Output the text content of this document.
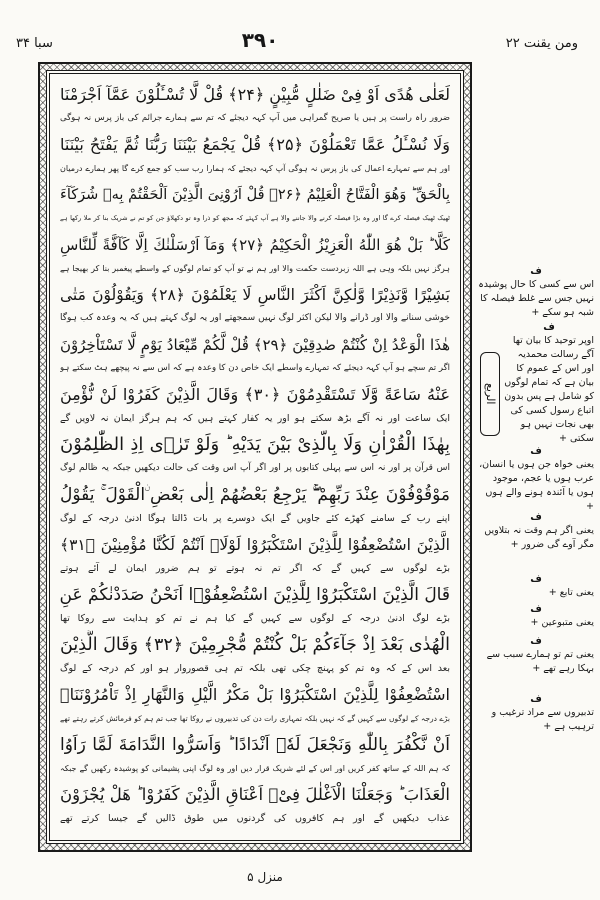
سبا ۳۴	۳۹۰	ومن یقنت ۲۲
لَعَلٰی هُدًی اَوْ فِیْ ضَلٰلٍ مُّبِیْنٍ ﴿۲۴﴾ قُلْ لَّا تُسْـَٔلُوْنَ عَمَّآ اَجْرَمْنَا
ضرور راہ راست پر ہیں یا صریح گمراہی میں آپ کہہ دیجئے کہ تم سے ہمارے جرائم کی باز پرس نہ ہوگی
وَلَا نُسْـَٔلُ عَمَّا تَعْمَلُوْنَ ﴿۲۵﴾ قُلْ یَجْمَعُ بَیْنَنَا رَبُّنَا ثُمَّ یَفْتَحُ بَیْنَنَا
اور ہم سے تمہارے اعمال کی باز پرس نہ ہوگی آپ کہہ دیجئے کہ ہمارا رب سب کو جمع کرے گا پھر ہمارے درمیان
بِالْحَقِّ ؕ وَهُوَ الْفَتَّاحُ الْعَلِیْمُ ﴿۲۶﴾ قُلْ اَرُوْنِیَ الَّذِیْنَ اَلْحَقْتُمْ بِهٖ شُرَكَآءَ
ٹھیک ٹھیک فیصلہ کرے گا اور وہ بڑا فیصلہ کرنے والا جاننے والا ہے آپ کہئے کہ مجھ کو ذرا وہ تو دکھلاؤ جن کو تم نے شریک بنا کر ملا رکھا ہے
كَلَّا ؕ بَلْ هُوَ اللّٰهُ الْعَزِیْزُ الْحَكِیْمُ ﴿۲۷﴾ وَمَآ اَرْسَلْنٰكَ اِلَّا كَآفَّةً لِّلنَّاسِ
ہرگز نہیں بلکہ وہی ہے اللہ زبردست حکمت والا اور ہم نے تو آپ کو تمام لوگوں کے واسطے پیغمبر بنا کر بھیجا ہے
بَشِیْرًا وَّنَذِیْرًا وَّلٰكِنَّ اَكْثَرَ النَّاسِ لَا یَعْلَمُوْنَ ﴿۲۸﴾ وَیَقُوْلُوْنَ مَتٰی
خوشی سنانے والا اور ڈرانے والا لیکن اکثر لوگ نہیں سمجھتے اور یہ لوگ کہتے ہیں کہ یہ وعدہ کب ہوگا
هٰذَا الْوَعْدُ اِنْ كُنْتُمْ صٰدِقِیْنَ ﴿۲۹﴾ قُلْ لَّكُمْ مِّیْعَادُ یَوْمٍ لَّا تَسْتَاْخِرُوْنَ
اگر تم سچے ہو آپ کہہ دیجئے کہ تمہارے واسطے ایک خاص دن کا وعدہ ہے کہ اس سے نہ پیچھے ہٹ سکتے ہو
عَنْهُ سَاعَةً وَّلَا تَسْتَقْدِمُوْنَ ﴿۳۰﴾ وَقَالَ الَّذِیْنَ كَفَرُوْا لَنْ نُّؤْمِنَ
ایک ساعت اور نہ آگے بڑھ سکتے ہو اور یہ کفار کہتے ہیں کہ ہم ہرگز ایمان نہ لاویں گے
بِهٰذَا الْقُرْاٰنِ وَلَا بِالَّذِیْ بَیْنَ یَدَیْهِ ؕ وَلَوْ تَرٰۤی اِذِ الظّٰلِمُوْنَ
اس قرآن پر اور نہ اس سے پہلی کتابوں پر اور اگر آپ اس وقت کی حالت دیکھیں جبکہ یہ ظالم لوگ
مَوْقُوْفُوْنَ عِنْدَ رَبِّهِمْ ۚۖ یَرْجِعُ بَعْضُهُمْ اِلٰی بَعْضِ ۨالْقَوْلَ ۚ یَقُوْلُ
اپنے رب کے سامنے کھڑے کئے جاویں گے ایک دوسرے پر بات ڈالتا ہوگا ادنیٰ درجہ کے لوگ
الَّذِیْنَ اسْتُضْعِفُوْا لِلَّذِیْنَ اسْتَكْبَرُوْا لَوْلَاۤ اَنْتُمْ لَكُنَّا مُؤْمِنِیْنَ ﴿۳۱﴾
بڑے لوگوں سے کہیں گے کہ اگر تم نہ ہوتے تو ہم ضرور ایمان لے آئے ہوتے
قَالَ الَّذِیْنَ اسْتَكْبَرُوْا لِلَّذِیْنَ اسْتُضْعِفُوْۤا اَنَحْنُ صَدَدْنٰكُمْ عَنِ
بڑے لوگ ادنیٰ درجہ کے لوگوں سے کہیں گے کیا ہم نے تم کو ہدایت سے روکا تھا
الْهُدٰی بَعْدَ اِذْ جَآءَكُمْ بَلْ كُنْتُمْ مُّجْرِمِیْنَ ﴿۳۲﴾ وَقَالَ الَّذِیْنَ
بعد اس کے کہ وہ تم کو پہنچ چکی تھی بلکہ تم ہی قصوروار ہو اور کم درجہ کے لوگ
اسْتُضْعِفُوْا لِلَّذِیْنَ اسْتَكْبَرُوْا بَلْ مَكْرُ الَّیْلِ وَالنَّهَارِ اِذْ تَاْمُرُوْنَنَاۤ
بڑے درجہ کے لوگوں سے کہیں گے کہ نہیں بلکہ تمہاری رات دن کی تدبیروں نے روکا تھا جب تم ہم کو فرمائش کرتے رہتے تھے
اَنْ نَّكْفُرَ بِاللّٰهِ وَنَجْعَلَ لَهٗۤ اَنْدَادًا ؕ وَاَسَرُّوا النَّدَامَةَ لَمَّا رَاَوُا
کہ ہم اللہ کے ساتھ کفر کریں اور اس کے لئے شریک قرار دیں اور وہ لوگ اپنی پشیمانی کو پوشیدہ رکھیں گے جبکہ
الْعَذَابَ ؕ وَجَعَلْنَا الْاَغْلٰلَ فِیْۤ اَعْنَاقِ الَّذِیْنَ كَفَرُوْا ؕ هَلْ یُجْزَوْنَ
عذاب دیکھیں گے اور ہم کافروں کی گردنوں میں طوق ڈالیں گے جیسا کرتے تھے
ف
اس سے کسی کا حال پوشیدہ نہیں جس سے غلط فیصلہ کا شبہ ہو سکے +
ف
اوپر توحید کا بیان تھا آگے رسالت محمدیہ اور اس کے عموم کا بیان ہے کہ تمام لوگوں کو شامل ہے پس بدون اتباع رسول کسی کی بھی نجات نہیں ہو سکتی +
الربع
ف
یعنی خواہ جن ہوں یا انسان، عرب ہوں یا عجم، موجود ہوں یا آئندہ ہونے والے ہوں +
ف
یعنی اگر ہم وقت نہ بتلاویں مگر آوے گی ضرور +
ف
یعنی تابع +
ف
یعنی متبوعین +
ف
یعنی تم تو ہمارے سبب سے بہکا رہے تھے +
ف
تدبیروں سے مراد ترغیب و ترہیب ہے +
منزل ۵
